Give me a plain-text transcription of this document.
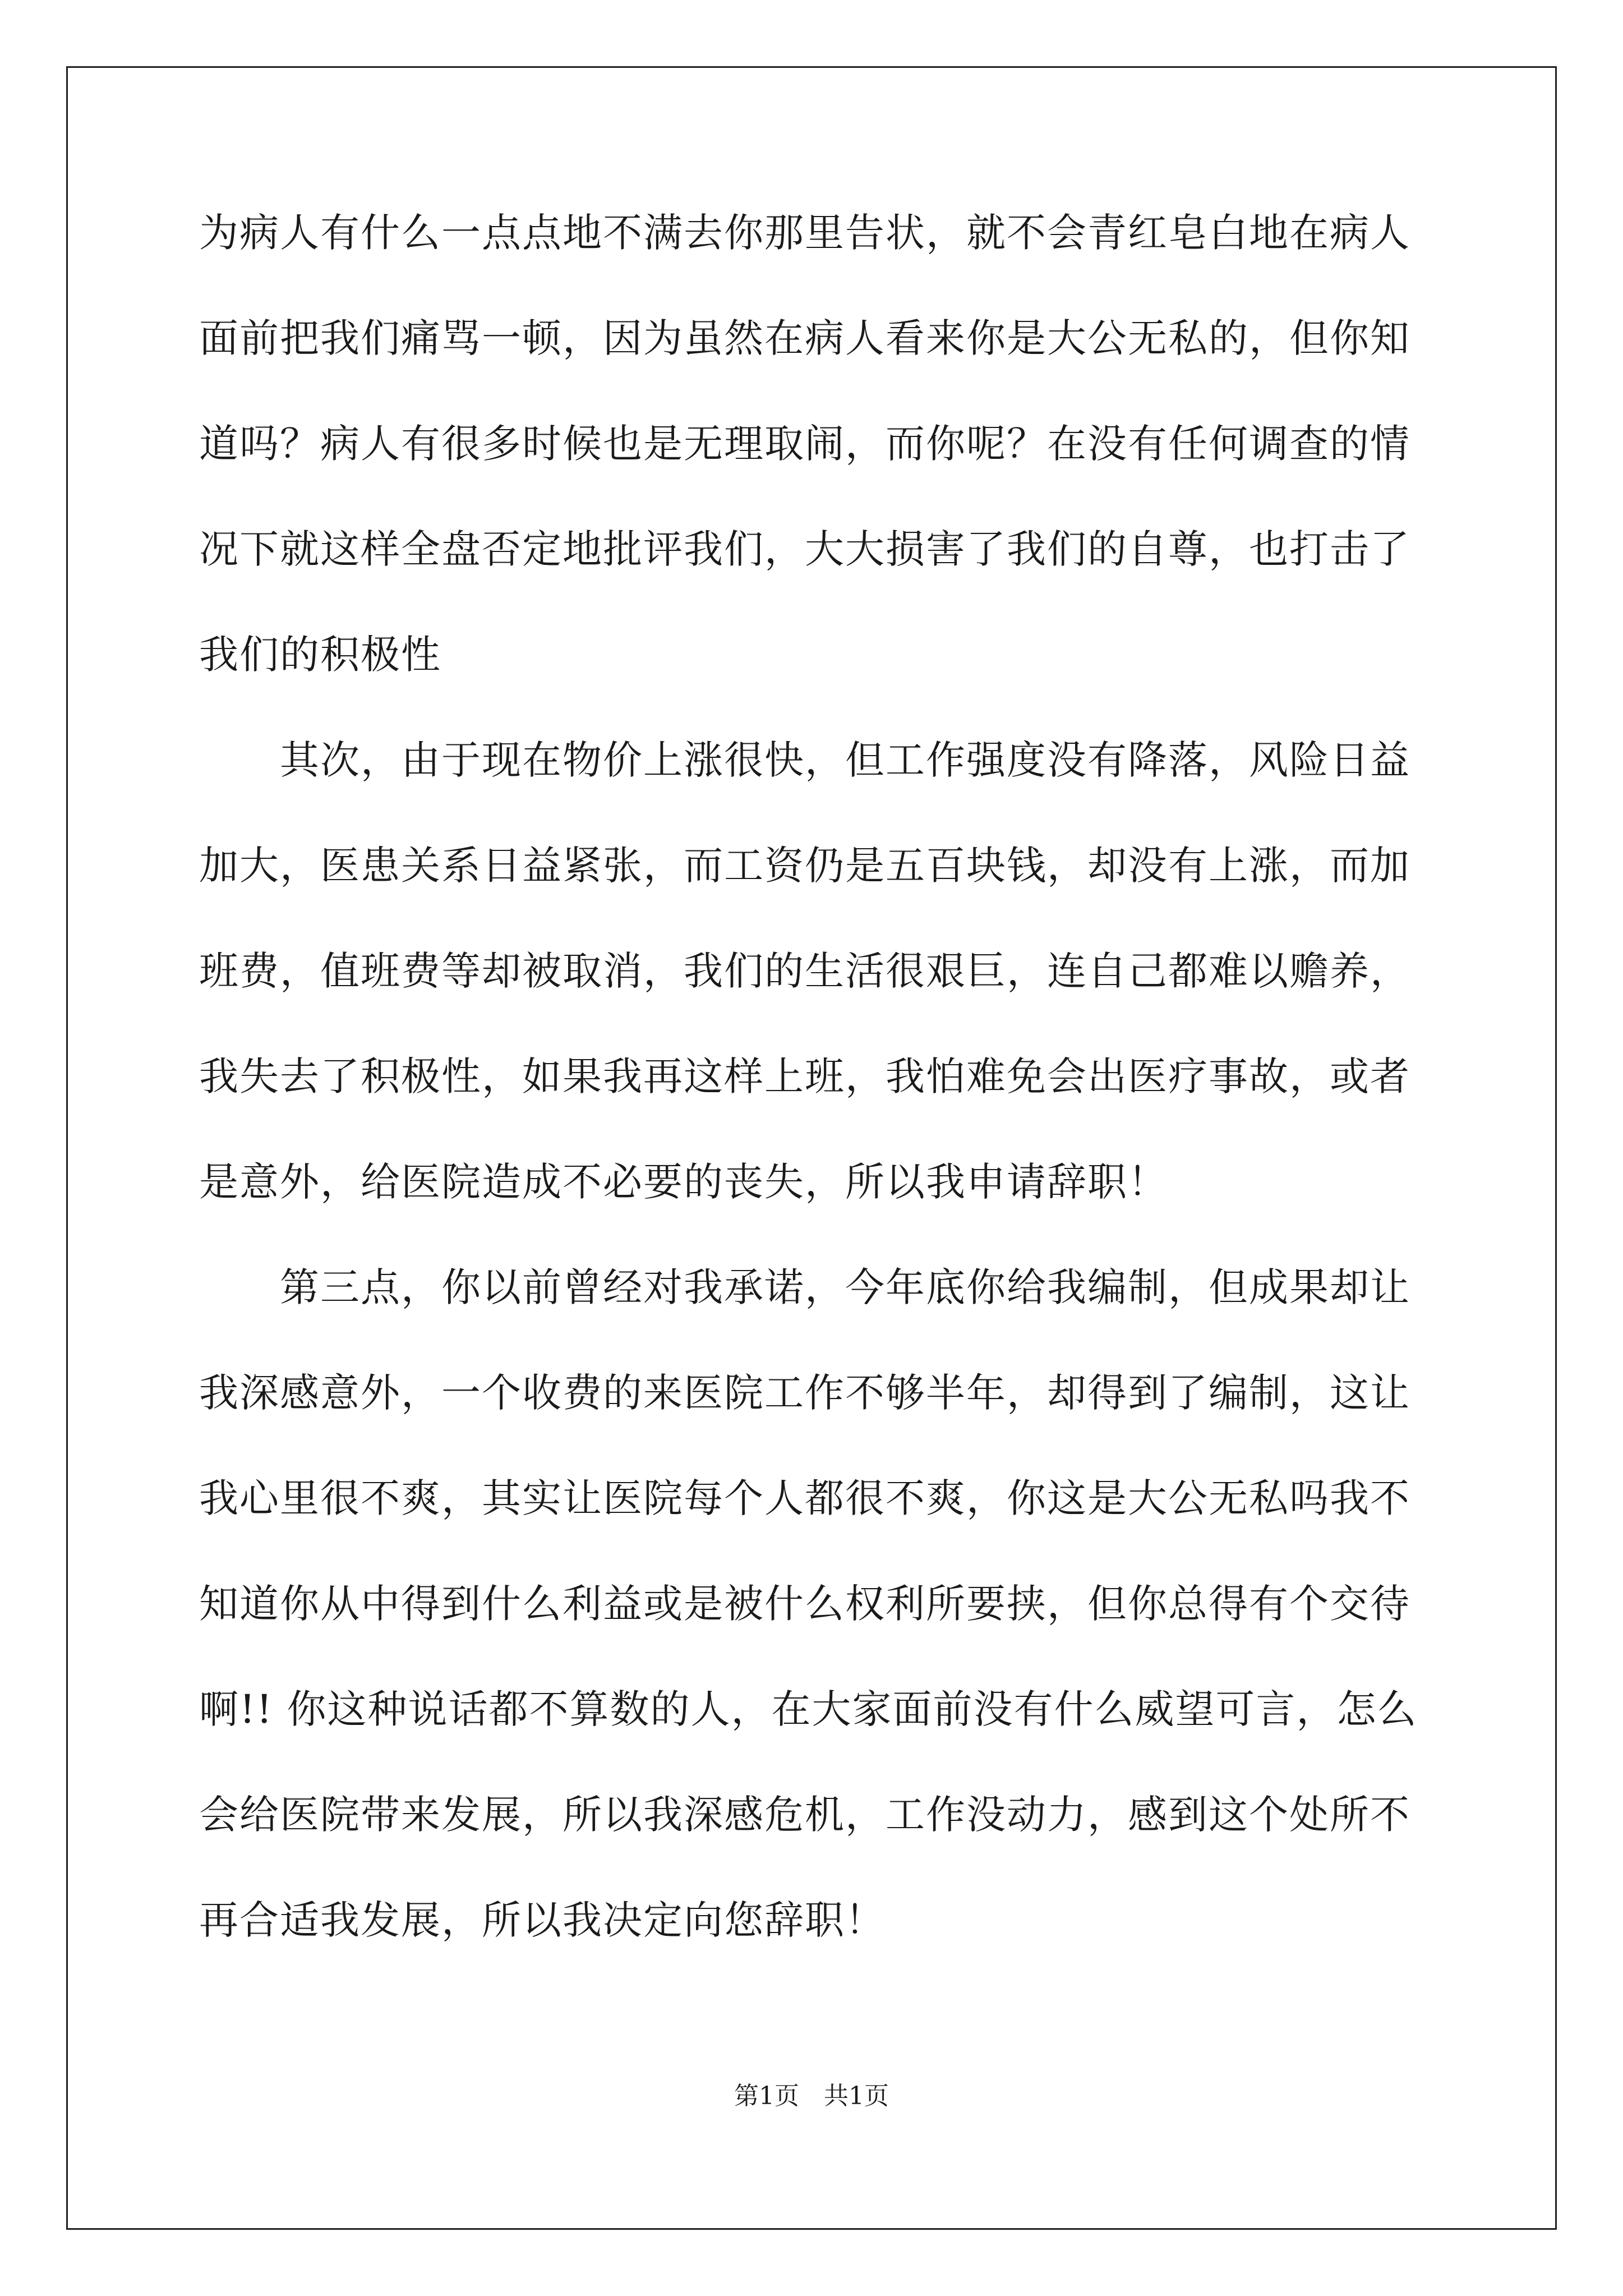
为病人有什么一点点地不满去你那里告状，就不会青红皂白地在病人
面前把我们痛骂一顿，因为虽然在病人看来你是大公无私的，但你知
道吗？病人有很多时候也是无理取闹，而你呢？在没有任何调查的情
况下就这样全盘否定地批评我们，大大损害了我们的自尊，也打击了
我们的积极性
　　其次，由于现在物价上涨很快，但工作强度没有降落，风险日益
加大，医患关系日益紧张，而工资仍是五百块钱，却没有上涨，而加
班费，值班费等却被取消，我们的生活很艰巨，连自己都难以赡养，
我失去了积极性，如果我再这样上班，我怕难免会出医疗事故，或者
是意外，给医院造成不必要的丧失，所以我申请辞职！
　　第三点，你以前曾经对我承诺，今年底你给我编制，但成果却让
我深感意外，一个收费的来医院工作不够半年，却得到了编制，这让
我心里很不爽，其实让医院每个人都很不爽，你这是大公无私吗我不
知道你从中得到什么利益或是被什么权利所要挟，但你总得有个交待
啊!! 你这种说话都不算数的人，在大家面前没有什么威望可言，怎么
会给医院带来发展，所以我深感危机，工作没动力，感到这个处所不
再合适我发展，所以我决定向您辞职！
第1页　共1页
